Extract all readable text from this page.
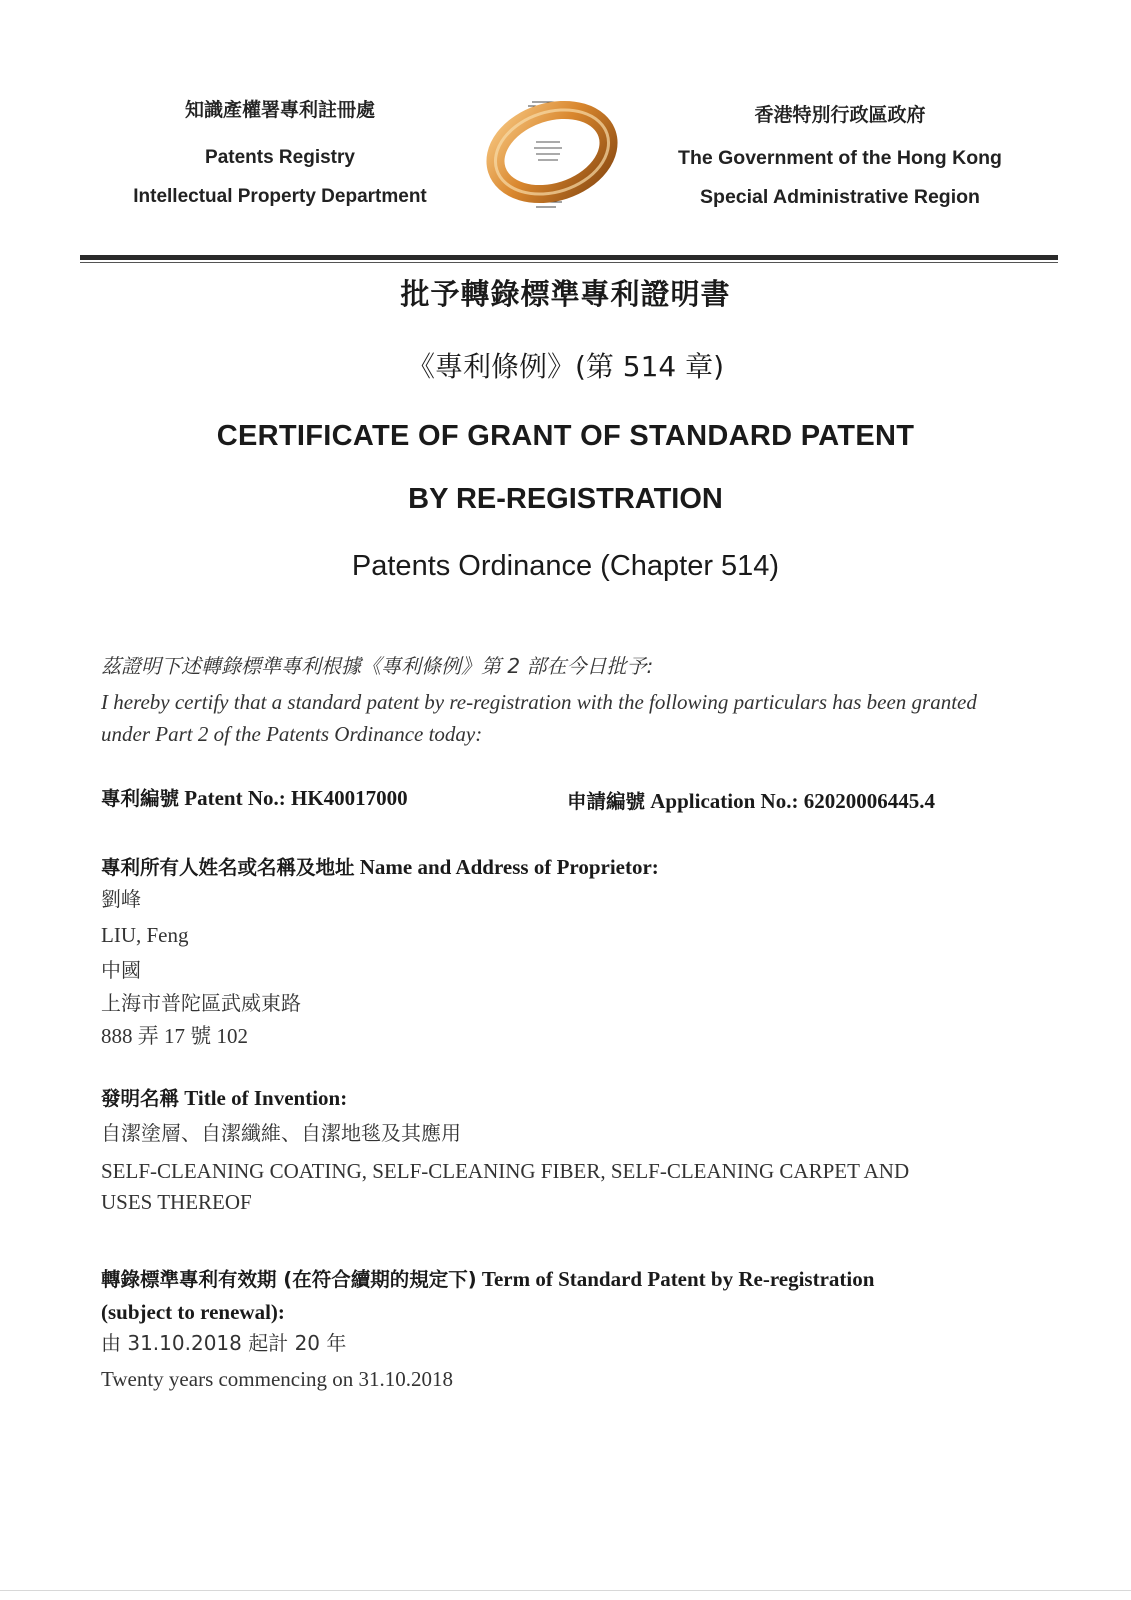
知識產權署專利註冊處
Patents Registry
Intellectual Property Department
香港特別行政區政府
The Government of the Hong Kong
Special Administrative Region
批予轉錄標準專利證明書
《專利條例》(第 514 章)
CERTIFICATE OF GRANT OF STANDARD PATENT
BY RE-REGISTRATION
Patents Ordinance (Chapter 514)
茲證明下述轉錄標準專利根據《專利條例》第 2 部在今日批予:
I hereby certify that a standard patent by re-registration with the following particulars has been granted under Part 2 of the Patents Ordinance today:
專利編號 Patent No.: HK40017000	申請編號 Application No.: 62020006445.4
專利所有人姓名或名稱及地址 Name and Address of Proprietor:
劉峰
LIU, Feng
中國
上海市普陀區武威東路
888 弄 17 號 102
發明名稱 Title of Invention:
自潔塗層、自潔纖維、自潔地毯及其應用
SELF-CLEANING COATING, SELF-CLEANING FIBER, SELF-CLEANING CARPET AND
USES THEREOF
轉錄標準專利有效期 (在符合續期的規定下) Term of Standard Patent by Re-registration
(subject to renewal):
由 31.10.2018 起計 20 年
Twenty years commencing on 31.10.2018
